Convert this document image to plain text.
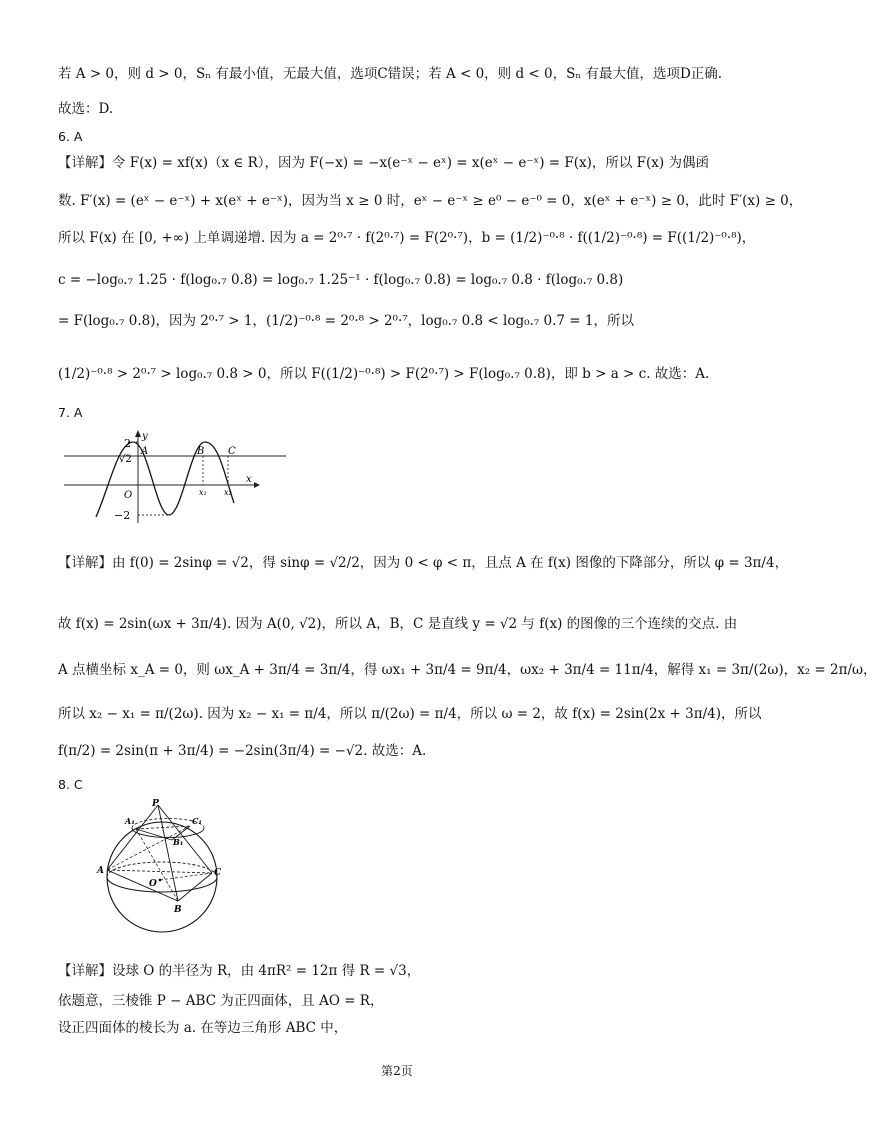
若 A > 0，则 d > 0，Sₙ 有最小值，无最大值，选项C错误；若 A < 0，则 d < 0，Sₙ 有最大值，选项D正确.
故选：D.
6. A
【详解】令 F(x) = xf(x)（x ∈ R），因为 F(−x) = −x(e⁻ˣ − eˣ) = x(eˣ − e⁻ˣ) = F(x)，所以 F(x) 为偶函
数. F′(x) = (eˣ − e⁻ˣ) + x(eˣ + e⁻ˣ)，因为当 x ≥ 0 时，eˣ − e⁻ˣ ≥ e⁰ − e⁻⁰ = 0，x(eˣ + e⁻ˣ) ≥ 0，此时 F′(x) ≥ 0，
所以 F(x) 在 [0, +∞) 上单调递增. 因为 a = 2⁰·⁷ · f(2⁰·⁷) = F(2⁰·⁷)，b = (1/2)⁻⁰·⁸ · f((1/2)⁻⁰·⁸) = F((1/2)⁻⁰·⁸)，
c = −log₀.₇ 1.25 · f(log₀.₇ 0.8) = log₀.₇ 1.25⁻¹ · f(log₀.₇ 0.8) = log₀.₇ 0.8 · f(log₀.₇ 0.8)
= F(log₀.₇ 0.8)，因为 2⁰·⁷ > 1，(1/2)⁻⁰·⁸ = 2⁰·⁸ > 2⁰·⁷，log₀.₇ 0.8 < log₀.₇ 0.7 = 1，所以
(1/2)⁻⁰·⁸ > 2⁰·⁷ > log₀.₇ 0.8 > 0，所以 F((1/2)⁻⁰·⁸) > F(2⁰·⁷) > F(log₀.₇ 0.8)，即 b > a > c. 故选：A.
7. A
y
x
2
√2
O
−2
A	B C
x₁ x₂
【详解】由 f(0) = 2sinφ = √2，得 sinφ = √2/2，因为 0 < φ < π，且点 A 在 f(x) 图像的下降部分，所以 φ = 3π/4，
故 f(x) = 2sin(ωx + 3π/4). 因为 A(0, √2)，所以 A，B，C 是直线 y = √2 与 f(x) 的图像的三个连续的交点. 由
A 点横坐标 x_A = 0，则 ωx_A + 3π/4 = 3π/4，得 ωx₁ + 3π/4 = 9π/4，ωx₂ + 3π/4 = 11π/4，解得 x₁ = 3π/(2ω)，x₂ = 2π/ω，
所以 x₂ − x₁ = π/(2ω). 因为 x₂ − x₁ = π/4，所以 π/(2ω) = π/4，所以 ω = 2，故 f(x) = 2sin(2x + 3π/4)，所以
f(π/2) = 2sin(π + 3π/4) = −2sin(3π/4) = −√2. 故选：A.
8. C
P
A₁	C₁
B₁
A	C
O
B
【详解】设球 O 的半径为 R，由 4πR² = 12π 得 R = √3，
依题意，三棱锥 P − ABC 为正四面体，且 AO = R，
设正四面体的棱长为 a. 在等边三角形 ABC 中，
第2页
